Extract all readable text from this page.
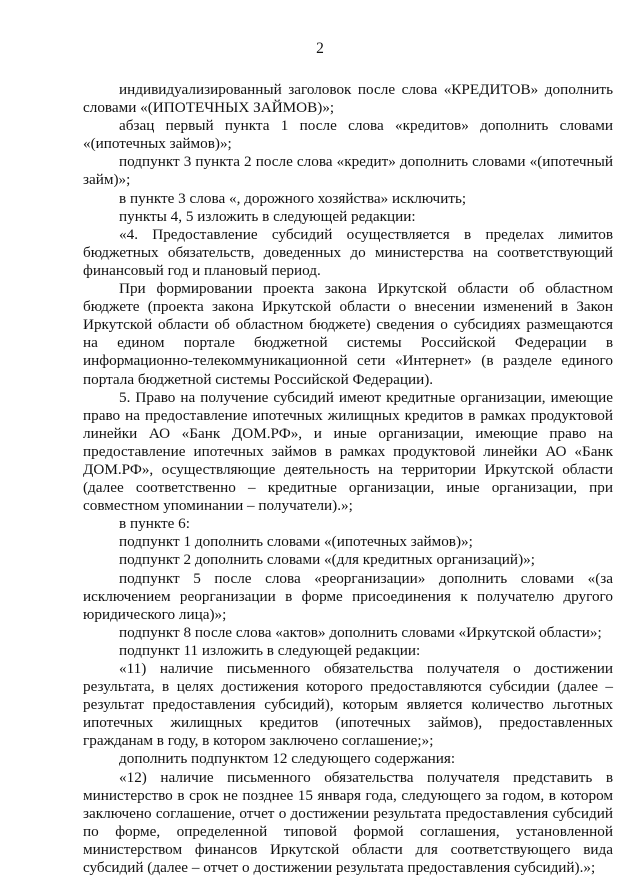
2

индивидуализированный заголовок после слова «КРЕДИТОВ» дополнить словами «(ИПОТЕЧНЫХ ЗАЙМОВ)»;

абзац первый пункта 1 после слова «кредитов» дополнить словами «(ипотечных займов)»;

подпункт 3 пункта 2 после слова «кредит» дополнить словами «(ипотечный займ)»;

в пункте 3 слова «, дорожного хозяйства» исключить;

пункты 4, 5 изложить в следующей редакции:

«4. Предоставление субсидий осуществляется в пределах лимитов бюджетных обязательств, доведенных до министерства на соответствующий финансовый год и плановый период.

При формировании проекта закона Иркутской области об областном бюджете (проекта закона Иркутской области о внесении изменений в Закон Иркутской области об областном бюджете) сведения о субсидиях размещаются на едином портале бюджетной системы Российской Федерации в информационно-телекоммуникационной сети «Интернет» (в разделе единого портала бюджетной системы Российской Федерации).

5. Право на получение субсидий имеют кредитные организации, имеющие право на предоставление ипотечных жилищных кредитов в рамках продуктовой линейки АО «Банк ДОМ.РФ», и иные организации, имеющие право на предоставление ипотечных займов в рамках продуктовой линейки АО «Банк ДОМ.РФ», осуществляющие деятельность на территории Иркутской области (далее соответственно – кредитные организации, иные организации, при совместном упоминании – получатели).»;

в пункте 6:

подпункт 1 дополнить словами «(ипотечных займов)»;

подпункт 2 дополнить словами «(для кредитных организаций)»;

подпункт 5 после слова «реорганизации» дополнить словами «(за исключением реорганизации в форме присоединения к получателю другого юридического лица)»;

подпункт 8 после слова «актов» дополнить словами «Иркутской области»;

подпункт 11 изложить в следующей редакции:

«11) наличие письменного обязательства получателя о достижении результата, в целях достижения которого предоставляются субсидии (далее – результат предоставления субсидий), которым является количество льготных ипотечных жилищных кредитов (ипотечных займов), предоставленных гражданам в году, в котором заключено соглашение;»;

дополнить подпунктом 12 следующего содержания:

«12) наличие письменного обязательства получателя представить в министерство в срок не позднее 15 января года, следующего за годом, в котором заключено соглашение, отчет о достижении результата предоставления субсидий по форме, определенной типовой формой соглашения, установленной министерством финансов Иркутской области для соответствующего вида субсидий (далее – отчет о достижении результата предоставления субсидий).»;
